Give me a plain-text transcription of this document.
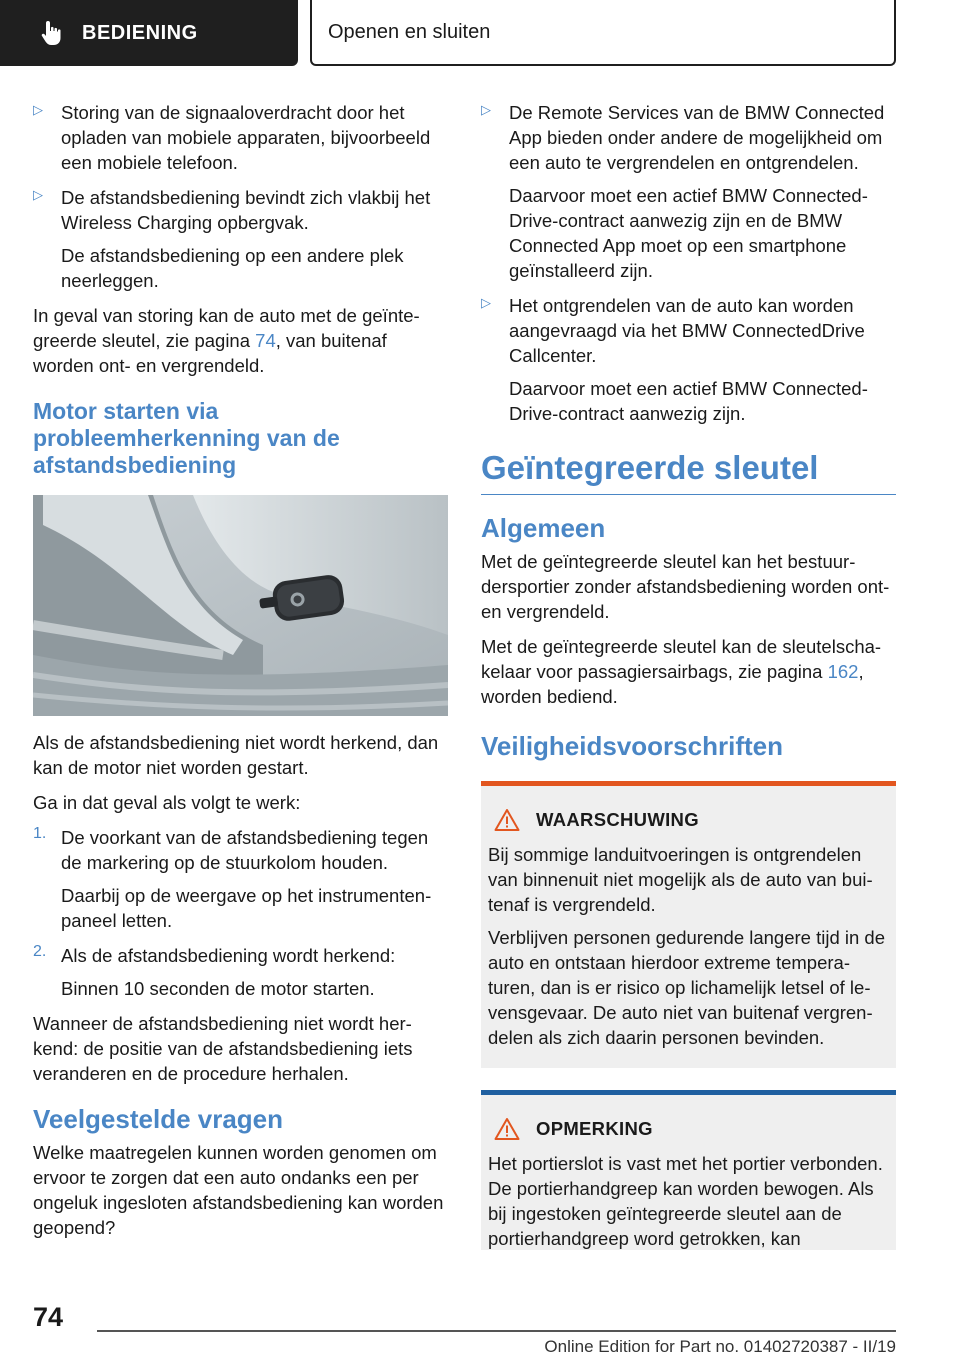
BEDIENING	Openen en sluiten
▷ Storing van de signaaloverdracht door het opladen van mobiele apparaten, bijvoorbeeld een mobiele telefoon.

▷ De afstandsbediening bevindt zich vlakbij het Wireless Charging opbergvak.

De afstandsbediening op een andere plek neerleggen.

In geval van storing kan de auto met de geïntegreerde sleutel, zie pagina 74, van buitenaf worden ont- en vergrendeld.

Motor starten via probleemherkenning van de afstandsbediening

Als de afstandsbediening niet wordt herkend, dan kan de motor niet worden gestart.

Ga in dat geval als volgt te werk:

1. De voorkant van de afstandsbediening tegen de markering op de stuurkolom houden.

Daarbij op de weergave op het instrumentenpaneel letten.

2. Als de afstandsbediening wordt herkend:

Binnen 10 seconden de motor starten.

Wanneer de afstandsbediening niet wordt herkend: de positie van de afstandsbediening iets veranderen en de procedure herhalen.

Veelgestelde vragen

Welke maatregelen kunnen worden genomen om ervoor te zorgen dat een auto ondanks een per ongeluk ingesloten afstandsbediening kan worden geopend?

▷ De Remote Services van de BMW Connected App bieden onder andere de mogelijkheid om een auto te vergrendelen en ontgrendelen.

Daarvoor moet een actief BMW ConnectedDrive-contract aanwezig zijn en de BMW Connected App moet op een smartphone geïnstalleerd zijn.

▷ Het ontgrendelen van de auto kan worden aangevraagd via het BMW ConnectedDrive Callcenter.

Daarvoor moet een actief BMW ConnectedDrive-contract aanwezig zijn.

Geïntegreerde sleutel
Algemeen

Met de geïntegreerde sleutel kan het bestuurdersportier zonder afstandsbediening worden ont- en vergrendeld.

Met de geïntegreerde sleutel kan de sleutelschakelaar voor passagiersairbags, zie pagina 162, worden bediend.

Veiligheidsvoorschriften
WAARSCHUWING

Bij sommige landuitvoeringen is ontgrendelen van binnenuit niet mogelijk als de auto van buitenaf is vergrendeld.

Verblijven personen gedurende langere tijd in de auto en ontstaan hierdoor extreme temperaturen, dan is er risico op lichamelijk letsel of levensgevaar. De auto niet van buitenaf vergrendelen als zich daarin personen bevinden.

OPMERKING

Het portierslot is vast met het portier verbonden. De portierhandgreep kan worden bewogen. Als bij ingestoken geïntegreerde sleutel aan de portierhandgreep word getrokken, kan

74
Online Edition for Part no. 01402720387 - II/19
